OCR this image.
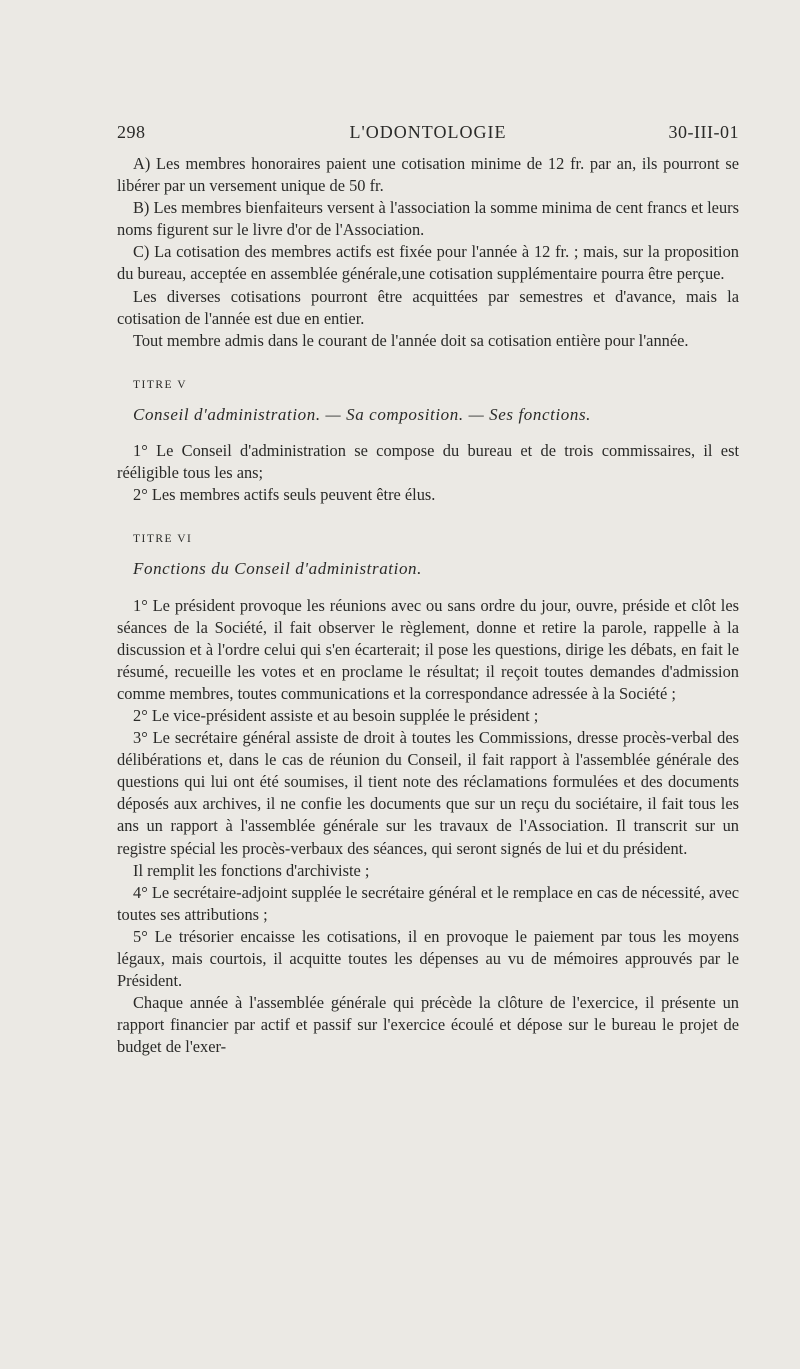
298	L'ODONTOLOGIE	30-III-01

A) Les membres honoraires paient une cotisation minime de 12 fr. par an, ils pourront se libérer par un versement unique de 50 fr.

B) Les membres bienfaiteurs versent à l'association la somme minima de cent francs et leurs noms figurent sur le livre d'or de l'Association.

C) La cotisation des membres actifs est fixée pour l'année à 12 fr. ; mais, sur la proposition du bureau, acceptée en assemblée générale,une cotisation supplémentaire pourra être perçue.

Les diverses cotisations pourront être acquittées par semestres et d'avance, mais la cotisation de l'année est due en entier.

Tout membre admis dans le courant de l'année doit sa cotisation entière pour l'année.

TITRE V

Conseil d'administration. — Sa composition. — Ses fonctions.

1° Le Conseil d'administration se compose du bureau et de trois commissaires, il est rééligible tous les ans;

2° Les membres actifs seuls peuvent être élus.

TITRE VI

Fonctions du Conseil d'administration.

1° Le président provoque les réunions avec ou sans ordre du jour, ouvre, préside et clôt les séances de la Société, il fait observer le règlement, donne et retire la parole, rappelle à la discussion et à l'ordre celui qui s'en écarterait; il pose les questions, dirige les débats, en fait le résumé, recueille les votes et en proclame le résultat; il reçoit toutes demandes d'admission comme membres, toutes communications et la correspondance adressée à la Société ;

2° Le vice-président assiste et au besoin supplée le président ;

3° Le secrétaire général assiste de droit à toutes les Commissions, dresse procès-verbal des délibérations et, dans le cas de réunion du Conseil, il fait rapport à l'assemblée générale des questions qui lui ont été soumises, il tient note des réclamations formulées et des documents déposés aux archives, il ne confie les documents que sur un reçu du sociétaire, il fait tous les ans un rapport à l'assemblée générale sur les travaux de l'Association. Il transcrit sur un registre spécial les procès-verbaux des séances, qui seront signés de lui et du président.

Il remplit les fonctions d'archiviste ;

4° Le secrétaire-adjoint supplée le secrétaire général et le remplace en cas de nécessité, avec toutes ses attributions ;

5° Le trésorier encaisse les cotisations, il en provoque le paiement par tous les moyens légaux, mais courtois, il acquitte toutes les dépenses au vu de mémoires approuvés par le Président.

Chaque année à l'assemblée générale qui précède la clôture de l'exercice, il présente un rapport financier par actif et passif sur l'exercice écoulé et dépose sur le bureau le projet de budget de l'exer-
